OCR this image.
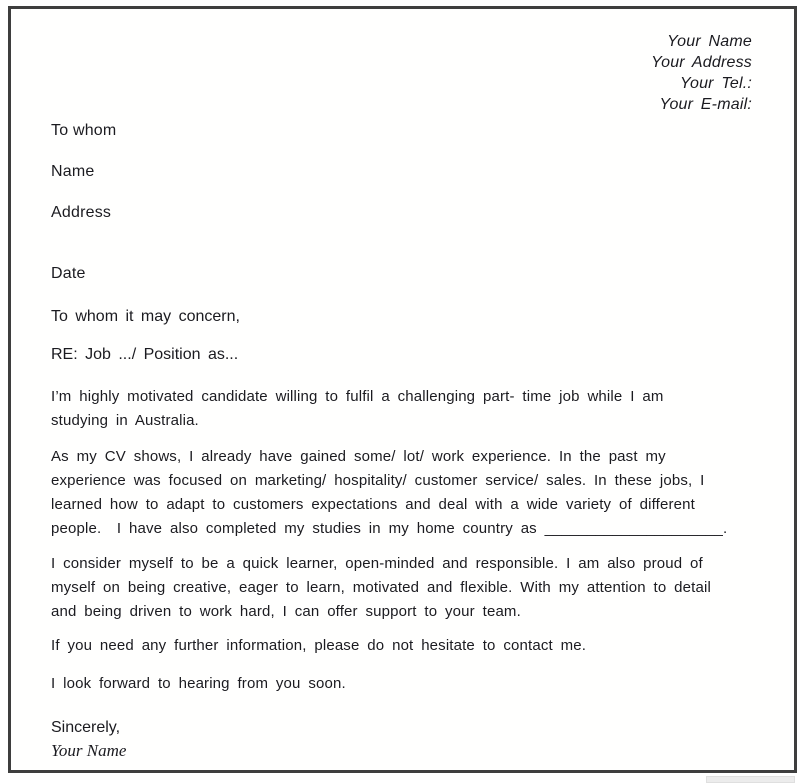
Your Name
Your Address
Your Tel.:
Your E-mail:
To whom
Name
Address
Date
To whom it may concern,
RE: Job .../ Position as...
I’m highly motivated candidate willing to fulfil a challenging part- time job while I am
studying in Australia.
As my CV shows, I already have gained some/ lot/ work experience. In the past my
experience was focused on marketing/ hospitality/ customer service/ sales. In these jobs, I
learned how to adapt to customers expectations and deal with a wide variety of different
people.  I have also completed my studies in my home country as _____________________.
I consider myself to be a quick learner, open-minded and responsible. I am also proud of
myself on being creative, eager to learn, motivated and flexible. With my attention to detail
and being driven to work hard, I can offer support to your team.
If you need any further information, please do not hesitate to contact me.
I look forward to hearing from you soon.
Sincerely,
Your Name
